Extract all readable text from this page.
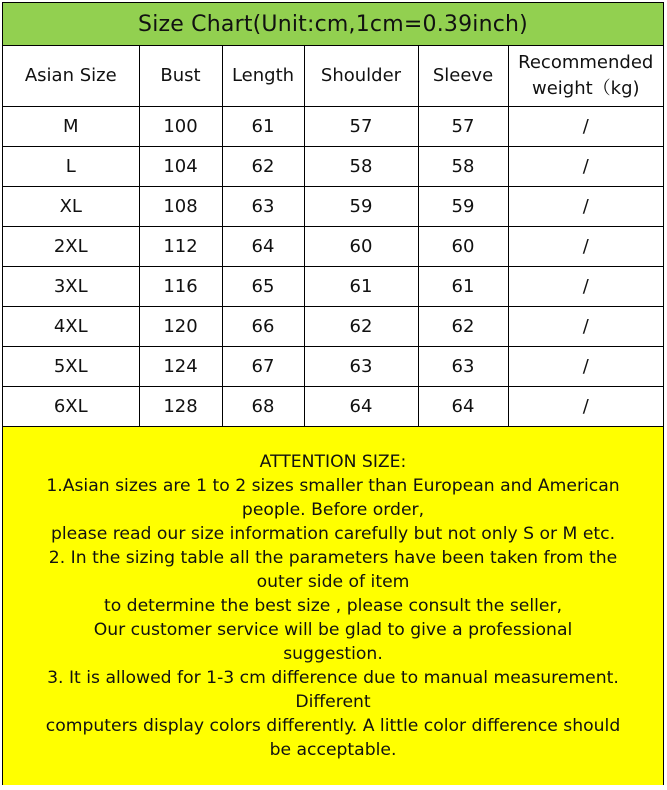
Size Chart(Unit:cm,1cm=0.39inch)
Asian Size	Bust	Length	Shoulder	Sleeve	Recommended
weight（kg)
M	100	61	57	57	/
L	104	62	58	58	/
XL	108	63	59	59	/
2XL	112	64	60	60	/
3XL	116	65	61	61	/
4XL	120	66	62	62	/
5XL	124	67	63	63	/
6XL	128	68	64	64	/
ATTENTION SIZE:
1.Asian sizes are 1 to 2 sizes smaller than European and American
people. Before order,
please read our size information carefully but not only S or M etc.
2. In the sizing table all the parameters have been taken from the
outer side of item
to determine the best size , please consult the seller,
Our customer service will be glad to give a professional
suggestion.
3. It is allowed for 1-3 cm difference due to manual measurement.
Different
computers display colors differently. A little color difference should
be acceptable.
